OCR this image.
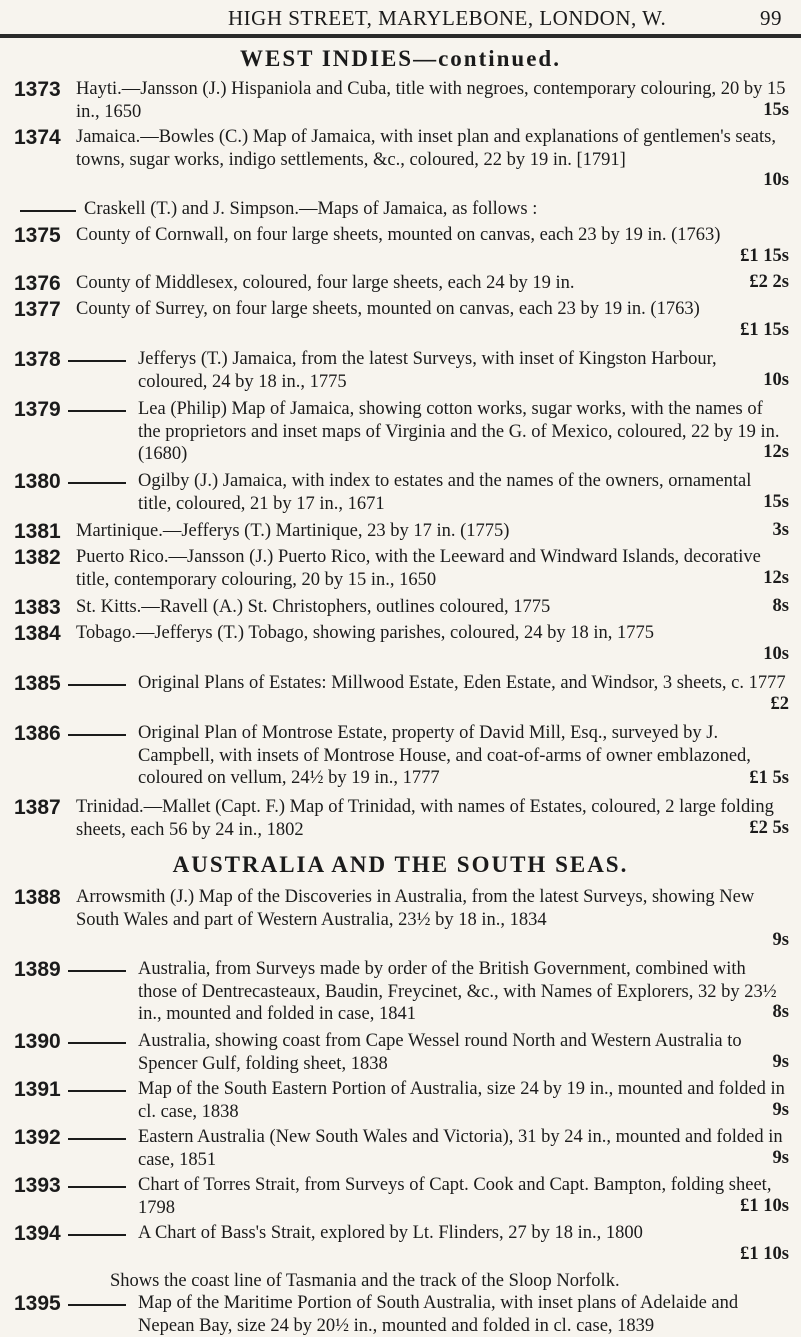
HIGH STREET, MARYLEBONE, LONDON, W.	99
WEST INDIES—continued.
1373 Hayti.—Jansson (J.) Hispaniola and Cuba, title with negroes, contemporary colouring, 20 by 15 in., 1650	15s
1374 Jamaica.—Bowles (C.) Map of Jamaica, with inset plan and explanations of gentlemen's seats, towns, sugar works, indigo settlements, &c., coloured, 22 by 19 in. [1791]
10s
Craskell (T.) and J. Simpson.—Maps of Jamaica, as follows :
1375 County of Cornwall, on four large sheets, mounted on canvas, each 23 by 19 in. (1763)
£1 15s
1376 County of Middlesex, coloured, four large sheets, each 24 by 19 in.	£2 2s
1377 County of Surrey, on four large sheets, mounted on canvas, each 23 by 19 in. (1763)
£1 15s
1378	Jefferys (T.) Jamaica, from the latest Surveys, with inset of Kingston Harbour, coloured, 24 by 18 in., 1775	10s
1379	Lea (Philip) Map of Jamaica, showing cotton works, sugar works, with the names of the proprietors and inset maps of Virginia and the G. of Mexico, coloured, 22 by 19 in. (1680)	12s
1380	Ogilby (J.) Jamaica, with index to estates and the names of the owners, ornamental title, coloured, 21 by 17 in., 1671	15s
1381 Martinique.—Jefferys (T.) Martinique, 23 by 17 in. (1775)	3s
1382 Puerto Rico.—Jansson (J.) Puerto Rico, with the Leeward and Windward Islands, decorative title, contemporary colouring, 20 by 15 in., 1650	12s
1383 St. Kitts.—Ravell (A.) St. Christophers, outlines coloured, 1775	8s
1384 Tobago.—Jefferys (T.) Tobago, showing parishes, coloured, 24 by 18 in, 1775
10s
1385	Original Plans of Estates: Millwood Estate, Eden Estate, and Windsor, 3 sheets, c. 1777
£2
1386	Original Plan of Montrose Estate, property of David Mill, Esq., surveyed by J. Campbell, with insets of Montrose House, and coat-of-arms of owner emblazoned, coloured on vellum, 24½ by 19 in., 1777	£1 5s
1387 Trinidad.—Mallet (Capt. F.) Map of Trinidad, with names of Estates, coloured, 2 large folding sheets, each 56 by 24 in., 1802	£2 5s
AUSTRALIA AND THE SOUTH SEAS.
1388 Arrowsmith (J.) Map of the Discoveries in Australia, from the latest Surveys, showing New South Wales and part of Western Australia, 23½ by 18 in., 1834
9s
1389	Australia, from Surveys made by order of the British Government, combined with those of Dentrecasteaux, Baudin, Freycinet, &c., with Names of Explorers, 32 by 23½ in., mounted and folded in case, 1841	8s
1390	Australia, showing coast from Cape Wessel round North and Western Australia to Spencer Gulf, folding sheet, 1838	9s
1391	Map of the South Eastern Portion of Australia, size 24 by 19 in., mounted and folded in cl. case, 1838	9s
1392	Eastern Australia (New South Wales and Victoria), 31 by 24 in., mounted and folded in case, 1851	9s
1393	Chart of Torres Strait, from Surveys of Capt. Cook and Capt. Bampton, folding sheet, 1798	£1 10s
1394	A Chart of Bass's Strait, explored by Lt. Flinders, 27 by 18 in., 1800
£1 10s
Shows the coast line of Tasmania and the track of the Sloop Norfolk.
1395	Map of the Maritime Portion of South Australia, with inset plans of Adelaide and Nepean Bay, size 24 by 20½ in., mounted and folded in cl. case, 1839
